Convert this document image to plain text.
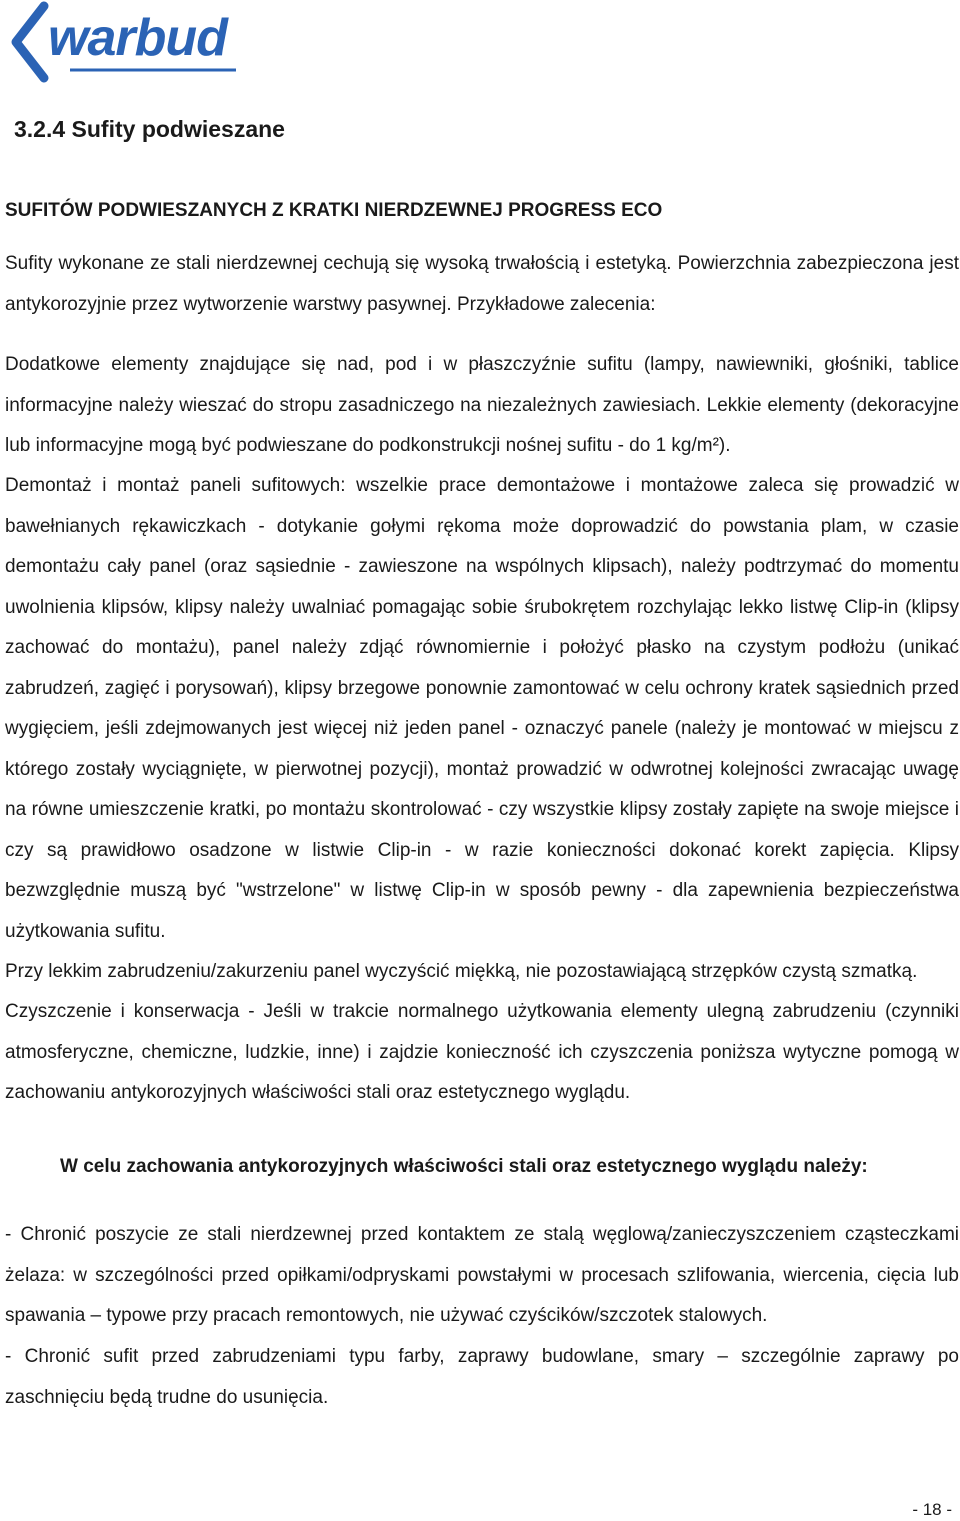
warbud
3.2.4 Sufity podwieszane
SUFITÓW PODWIESZANYCH Z KRATKI NIERDZEWNEJ PROGRESS ECO

Sufity wykonane ze stali nierdzewnej cechują się wysoką trwałością i estetyką. Powierzchnia zabezpieczona jest antykorozyjnie przez wytworzenie warstwy pasywnej. Przykładowe zalecenia:

Dodatkowe elementy znajdujące się nad, pod i w płaszczyźnie sufitu (lampy, nawiewniki, głośniki, tablice informacyjne należy wieszać do stropu zasadniczego na niezależnych zawiesiach. Lekkie elementy (dekoracyjne lub informacyjne mogą być podwieszane do podkonstrukcji nośnej sufitu - do 1 kg/m²).

Demontaż i montaż paneli sufitowych: wszelkie prace demontażowe i montażowe zaleca się prowadzić w bawełnianych rękawiczkach - dotykanie gołymi rękoma może doprowadzić do powstania plam, w czasie demontażu cały panel (oraz sąsiednie - zawieszone na wspólnych klipsach), należy podtrzymać do momentu uwolnienia klipsów, klipsy należy uwalniać pomagając sobie śrubokrętem rozchylając lekko listwę Clip-in (klipsy zachować do montażu), panel należy zdjąć równomiernie i położyć płasko na czystym podłożu (unikać zabrudzeń, zagięć i porysowań), klipsy brzegowe ponownie zamontować w celu ochrony kratek sąsiednich przed wygięciem, jeśli zdejmowanych jest więcej niż jeden panel - oznaczyć panele (należy je montować w miejscu z którego zostały wyciągnięte, w pierwotnej pozycji), montaż prowadzić w odwrotnej kolejności zwracając uwagę na równe umieszczenie kratki, po montażu skontrolować - czy wszystkie klipsy zostały zapięte na swoje miejsce i czy są prawidłowo osadzone w listwie Clip-in - w razie konieczności dokonać korekt zapięcia. Klipsy bezwzględnie muszą być "wstrzelone" w listwę Clip-in w sposób pewny - dla zapewnienia bezpieczeństwa użytkowania sufitu.

Przy lekkim zabrudzeniu/zakurzeniu panel wyczyścić miękką, nie pozostawiającą strzępków czystą szmatką.

Czyszczenie i konserwacja - Jeśli w trakcie normalnego użytkowania elementy ulegną zabrudzeniu (czynniki atmosferyczne, chemiczne, ludzkie, inne) i zajdzie konieczność ich czyszczenia poniższa wytyczne pomogą w zachowaniu antykorozyjnych właściwości stali oraz estetycznego wyglądu.

W celu zachowania antykorozyjnych właściwości stali oraz estetycznego wyglądu należy:

- Chronić poszycie ze stali nierdzewnej przed kontaktem ze stalą węglową/zanieczyszczeniem cząsteczkami żelaza: w szczególności przed opiłkami/odpryskami powstałymi w procesach szlifowania, wiercenia, cięcia lub spawania – typowe przy pracach remontowych, nie używać czyścików/szczotek stalowych.

- Chronić sufit przed zabrudzeniami typu farby, zaprawy budowlane, smary – szczególnie zaprawy po zaschnięciu będą trudne do usunięcia.

- 18 -
